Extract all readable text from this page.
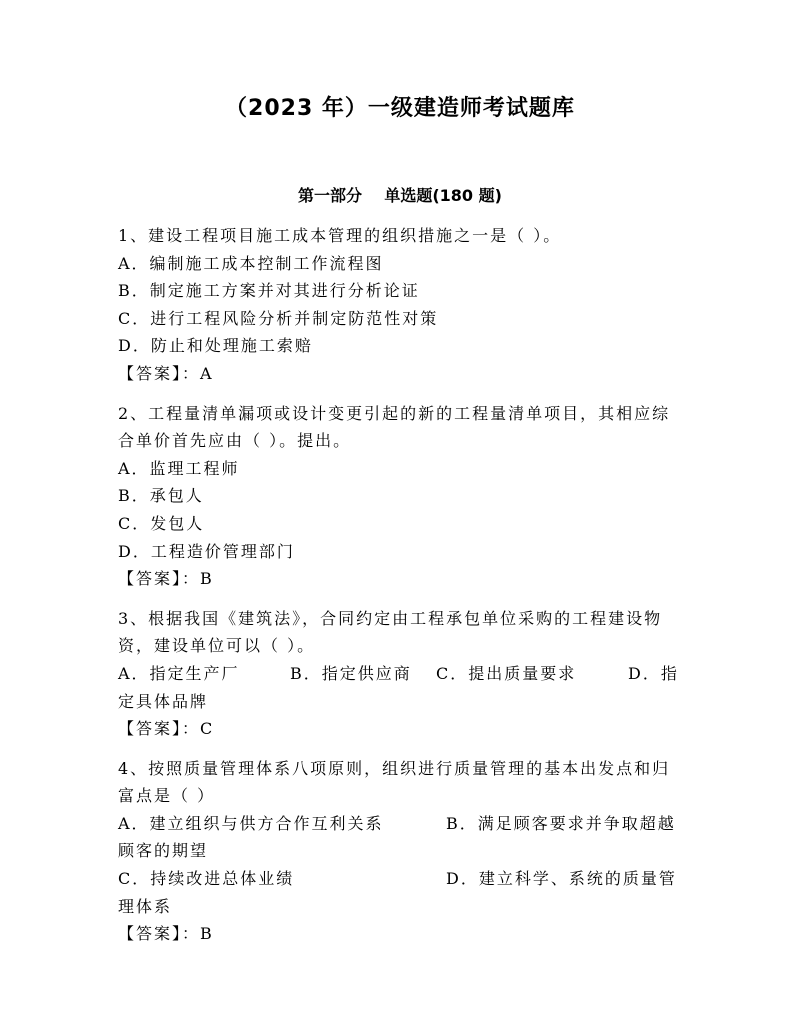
（2023 年）一级建造师考试题库
第一部分    单选题(180 题)
1、建设工程项目施工成本管理的组织措施之一是（ ）。
A．编制施工成本控制工作流程图
B．制定施工方案并对其进行分析论证
C．进行工程风险分析并制定防范性对策
D．防止和处理施工索赔
【答案】：A
2、工程量清单漏项或设计变更引起的新的工程量清单项目，其相应综
合单价首先应由（ ）。提出。
A．监理工程师
B．承包人
C．发包人
D．工程造价管理部门
【答案】：B
3、根据我国《建筑法》，合同约定由工程承包单位采购的工程建设物
资，建设单位可以（ ）。
A．指定生产厂	B．指定供应商	C．提出质量要求	D．指
定具体品牌
【答案】：C
4、按照质量管理体系八项原则，组织进行质量管理的基本出发点和归
富点是（ ）
A．建立组织与供方合作互利关系	B．满足顾客要求并争取超越
顾客的期望
C．持续改进总体业绩	D．建立科学、系统的质量管
理体系
【答案】：B
